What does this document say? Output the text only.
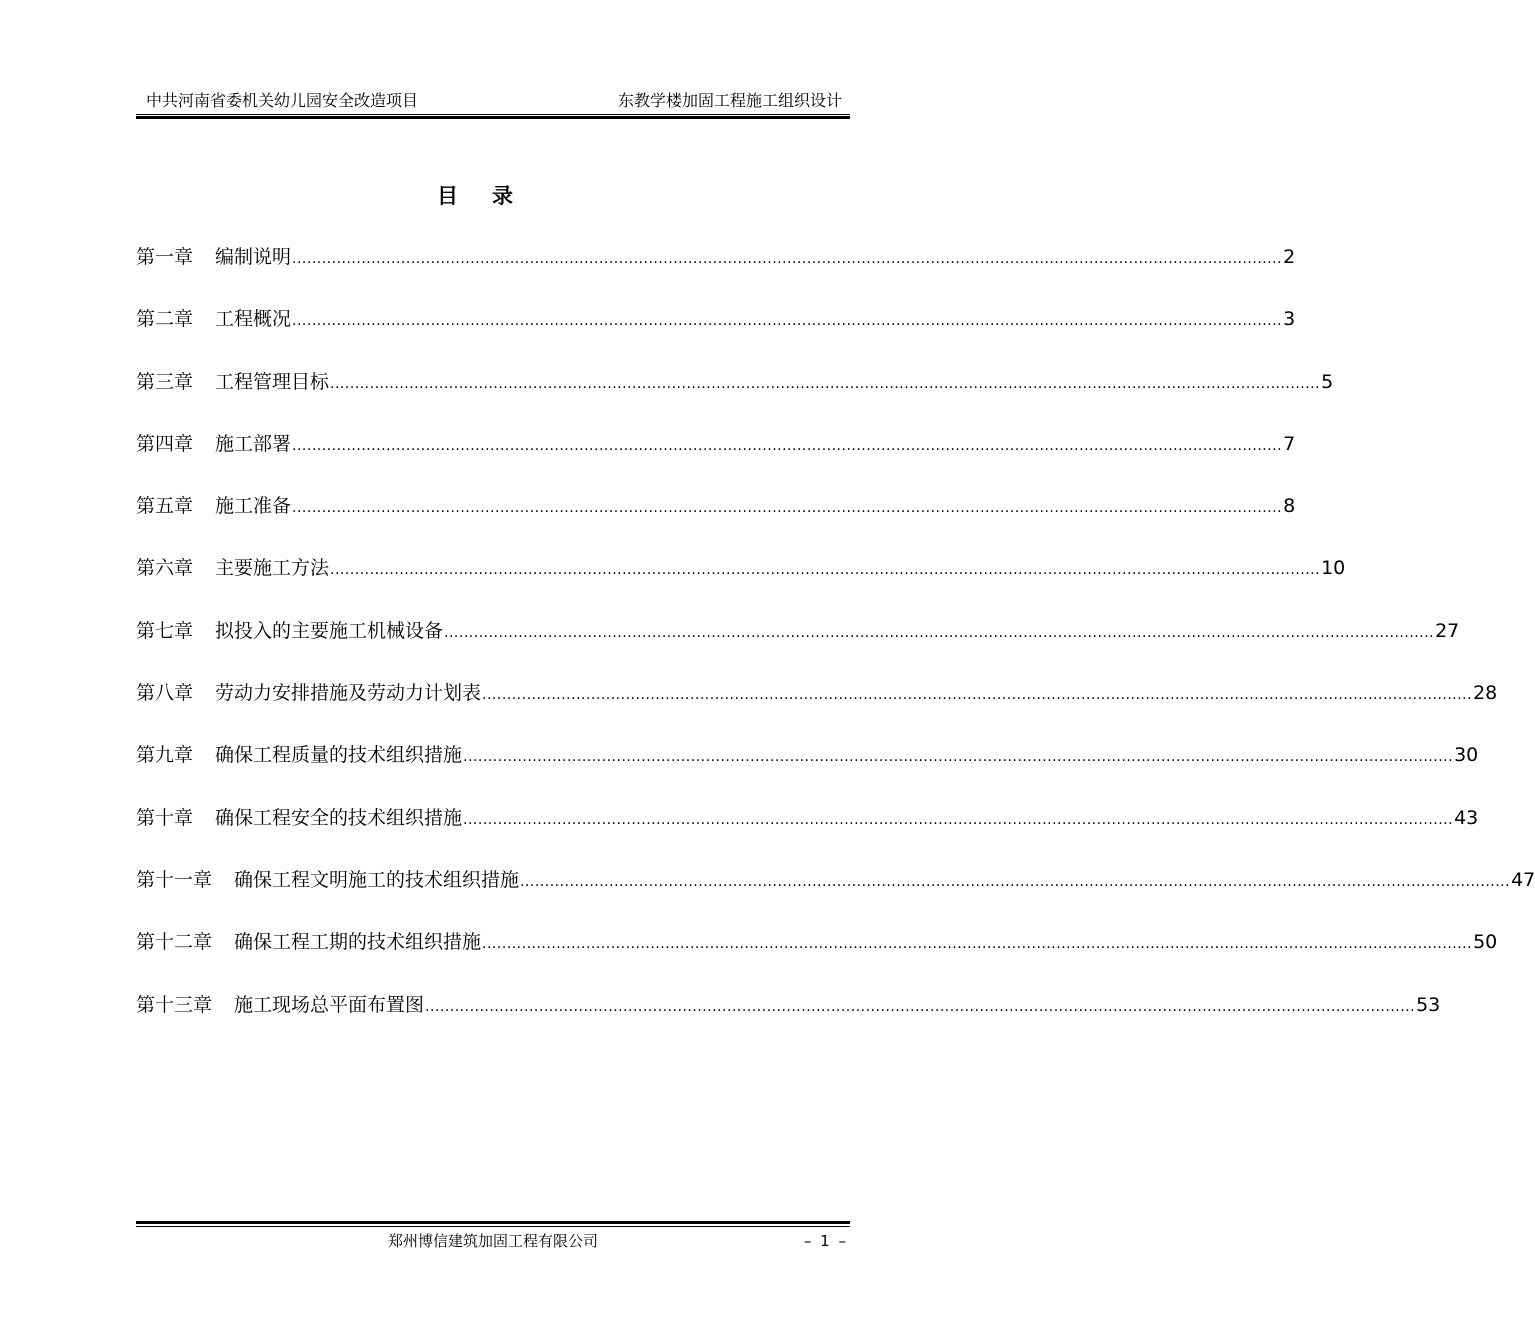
中共河南省委机关幼儿园安全改造项目	东教学楼加固工程施工组织设计
目录
第一章 编制说明 ........................................................................................................................................................................................................ 2
第二章 工程概况 ........................................................................................................................................................................................................ 3
第三章 工程管理目标 ........................................................................................................................................................................................................ 5
第四章 施工部署 ........................................................................................................................................................................................................ 7
第五章 施工准备 ........................................................................................................................................................................................................ 8
第六章 主要施工方法 ........................................................................................................................................................................................................ 10
第七章 拟投入的主要施工机械设备 ........................................................................................................................................................................................................ 27
第八章 劳动力安排措施及劳动力计划表 ........................................................................................................................................................................................................ 28
第九章 确保工程质量的技术组织措施 ........................................................................................................................................................................................................ 30
第十章 确保工程安全的技术组织措施 ........................................................................................................................................................................................................ 43
第十一章 确保工程文明施工的技术组织措施 ........................................................................................................................................................................................................ 47
第十二章 确保工程工期的技术组织措施 ........................................................................................................................................................................................................ 50
第十三章 施工现场总平面布置图 ........................................................................................................................................................................................................ 53
郑州博信建筑加固工程有限公司	– 1 –
